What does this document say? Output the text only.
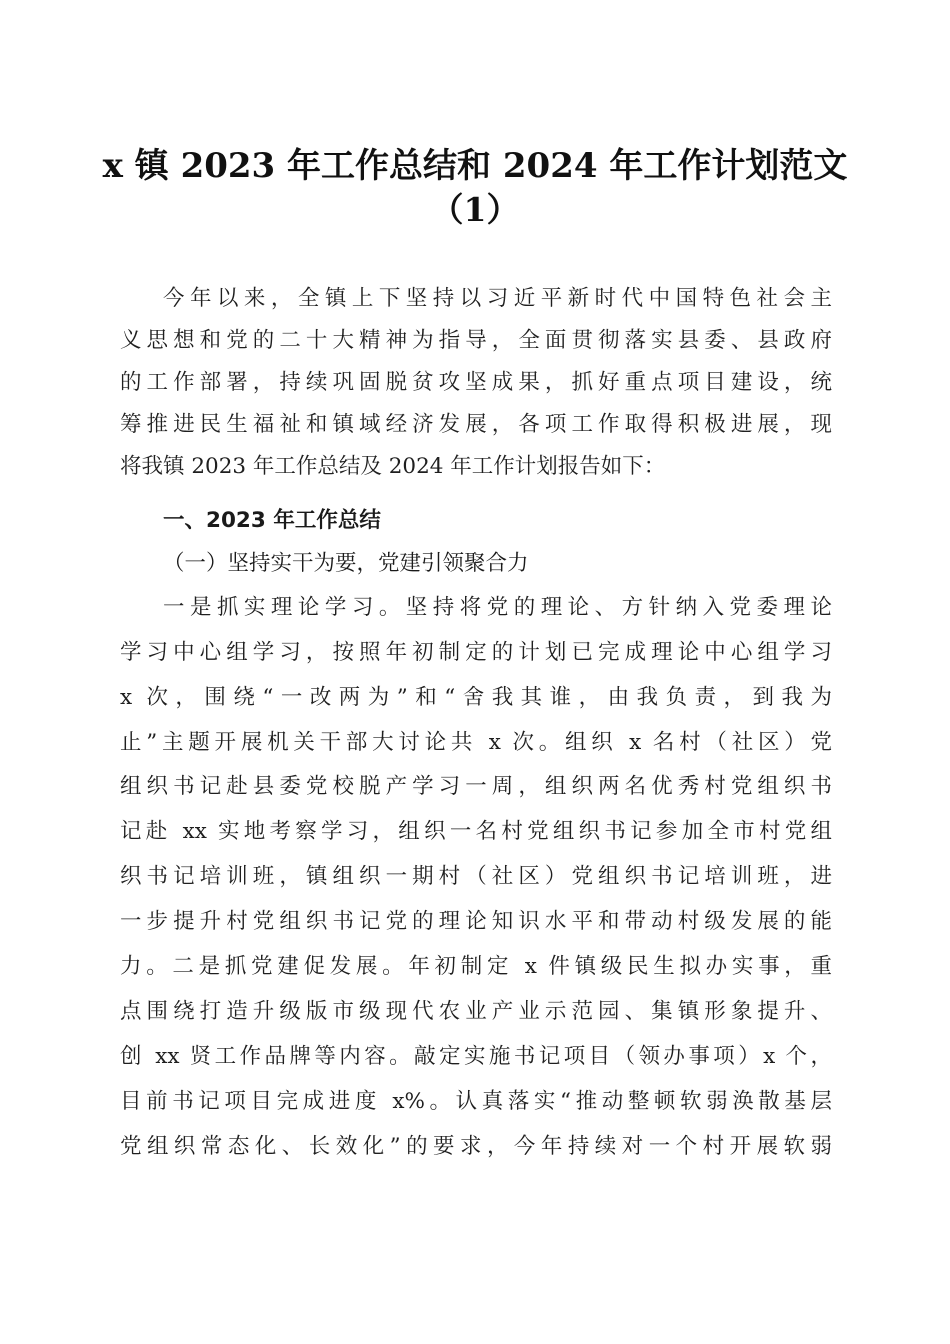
x 镇 2023 年工作总结和 2024 年工作计划范文
（1）
今年以来，全镇上下坚持以习近平新时代中国特色社会主
义思想和党的二十大精神为指导，全面贯彻落实县委、县政府
的工作部署，持续巩固脱贫攻坚成果，抓好重点项目建设，统
筹推进民生福祉和镇域经济发展，各项工作取得积极进展，现
将我镇 2023 年工作总结及 2024 年工作计划报告如下：
一、2023 年工作总结
（一）坚持实干为要，党建引领聚合力
一是抓实理论学习。坚持将党的理论、方针纳入党委理论
学习中心组学习，按照年初制定的计划已完成理论中心组学习
x 次，围绕“一改两为”和“舍我其谁，由我负责，到我为
止”主题开展机关干部大讨论共 x 次。组织 x 名村（社区）党
组织书记赴县委党校脱产学习一周，组织两名优秀村党组织书
记赴 xx 实地考察学习，组织一名村党组织书记参加全市村党组
织书记培训班，镇组织一期村（社区）党组织书记培训班，进
一步提升村党组织书记党的理论知识水平和带动村级发展的能
力。二是抓党建促发展。年初制定 x 件镇级民生拟办实事，重
点围绕打造升级版市级现代农业产业示范园、集镇形象提升、
创 xx 贤工作品牌等内容。敲定实施书记项目（领办事项）x 个，
目前书记项目完成进度 x%。认真落实“推动整顿软弱涣散基层
党组织常态化、长效化”的要求，今年持续对一个村开展软弱
